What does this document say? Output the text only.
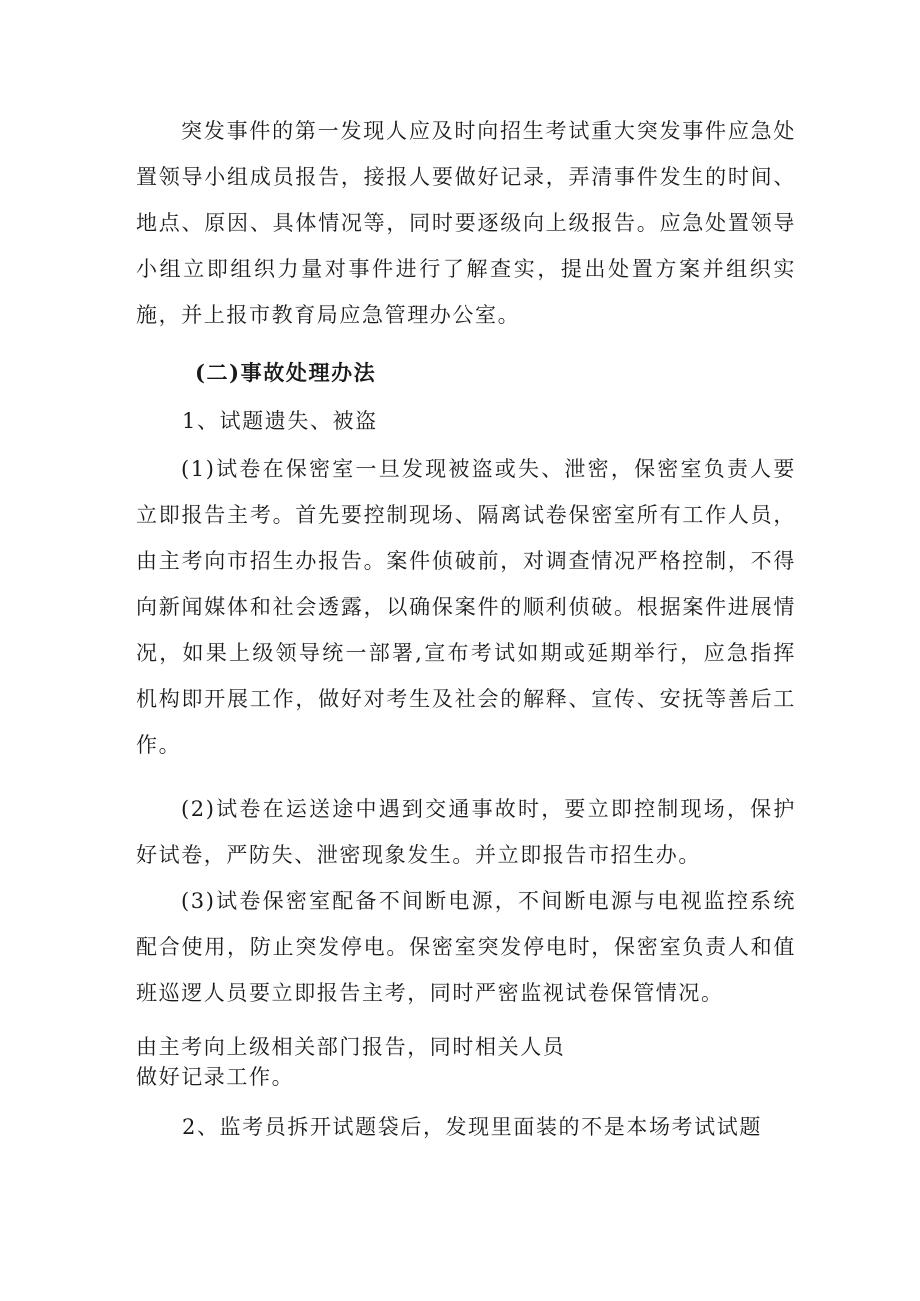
突发事件的第一发现人应及时向招生考试重大突发事件应急处置领导小组成员报告，接报人要做好记录，弄清事件发生的时间、地点、原因、具体情况等，同时要逐级向上级报告。应急处置领导小组立即组织力量对事件进行了解查实，提出处置方案并组织实施，并上报市教育局应急管理办公室。

(二)事故处理办法

1、试题遗失、被盗

(1)试卷在保密室一旦发现被盗或失、泄密，保密室负责人要立即报告主考。首先要控制现场、隔离试卷保密室所有工作人员，由主考向市招生办报告。案件侦破前，对调查情况严格控制，不得向新闻媒体和社会透露，以确保案件的顺利侦破。根据案件进展情况，如果上级领导统一部署,宣布考试如期或延期举行，应急指挥机构即开展工作，做好对考生及社会的解释、宣传、安抚等善后工作。

(2)试卷在运送途中遇到交通事故时，要立即控制现场，保护好试卷，严防失、泄密现象发生。并立即报告市招生办。

(3)试卷保密室配备不间断电源，不间断电源与电视监控系统配合使用，防止突发停电。保密室突发停电时，保密室负责人和值班巡逻人员要立即报告主考，同时严密监视试卷保管情况。

由主考向上级相关部门报告，同时相关人员

做好记录工作。

2、监考员拆开试题袋后，发现里面装的不是本场考试试题
